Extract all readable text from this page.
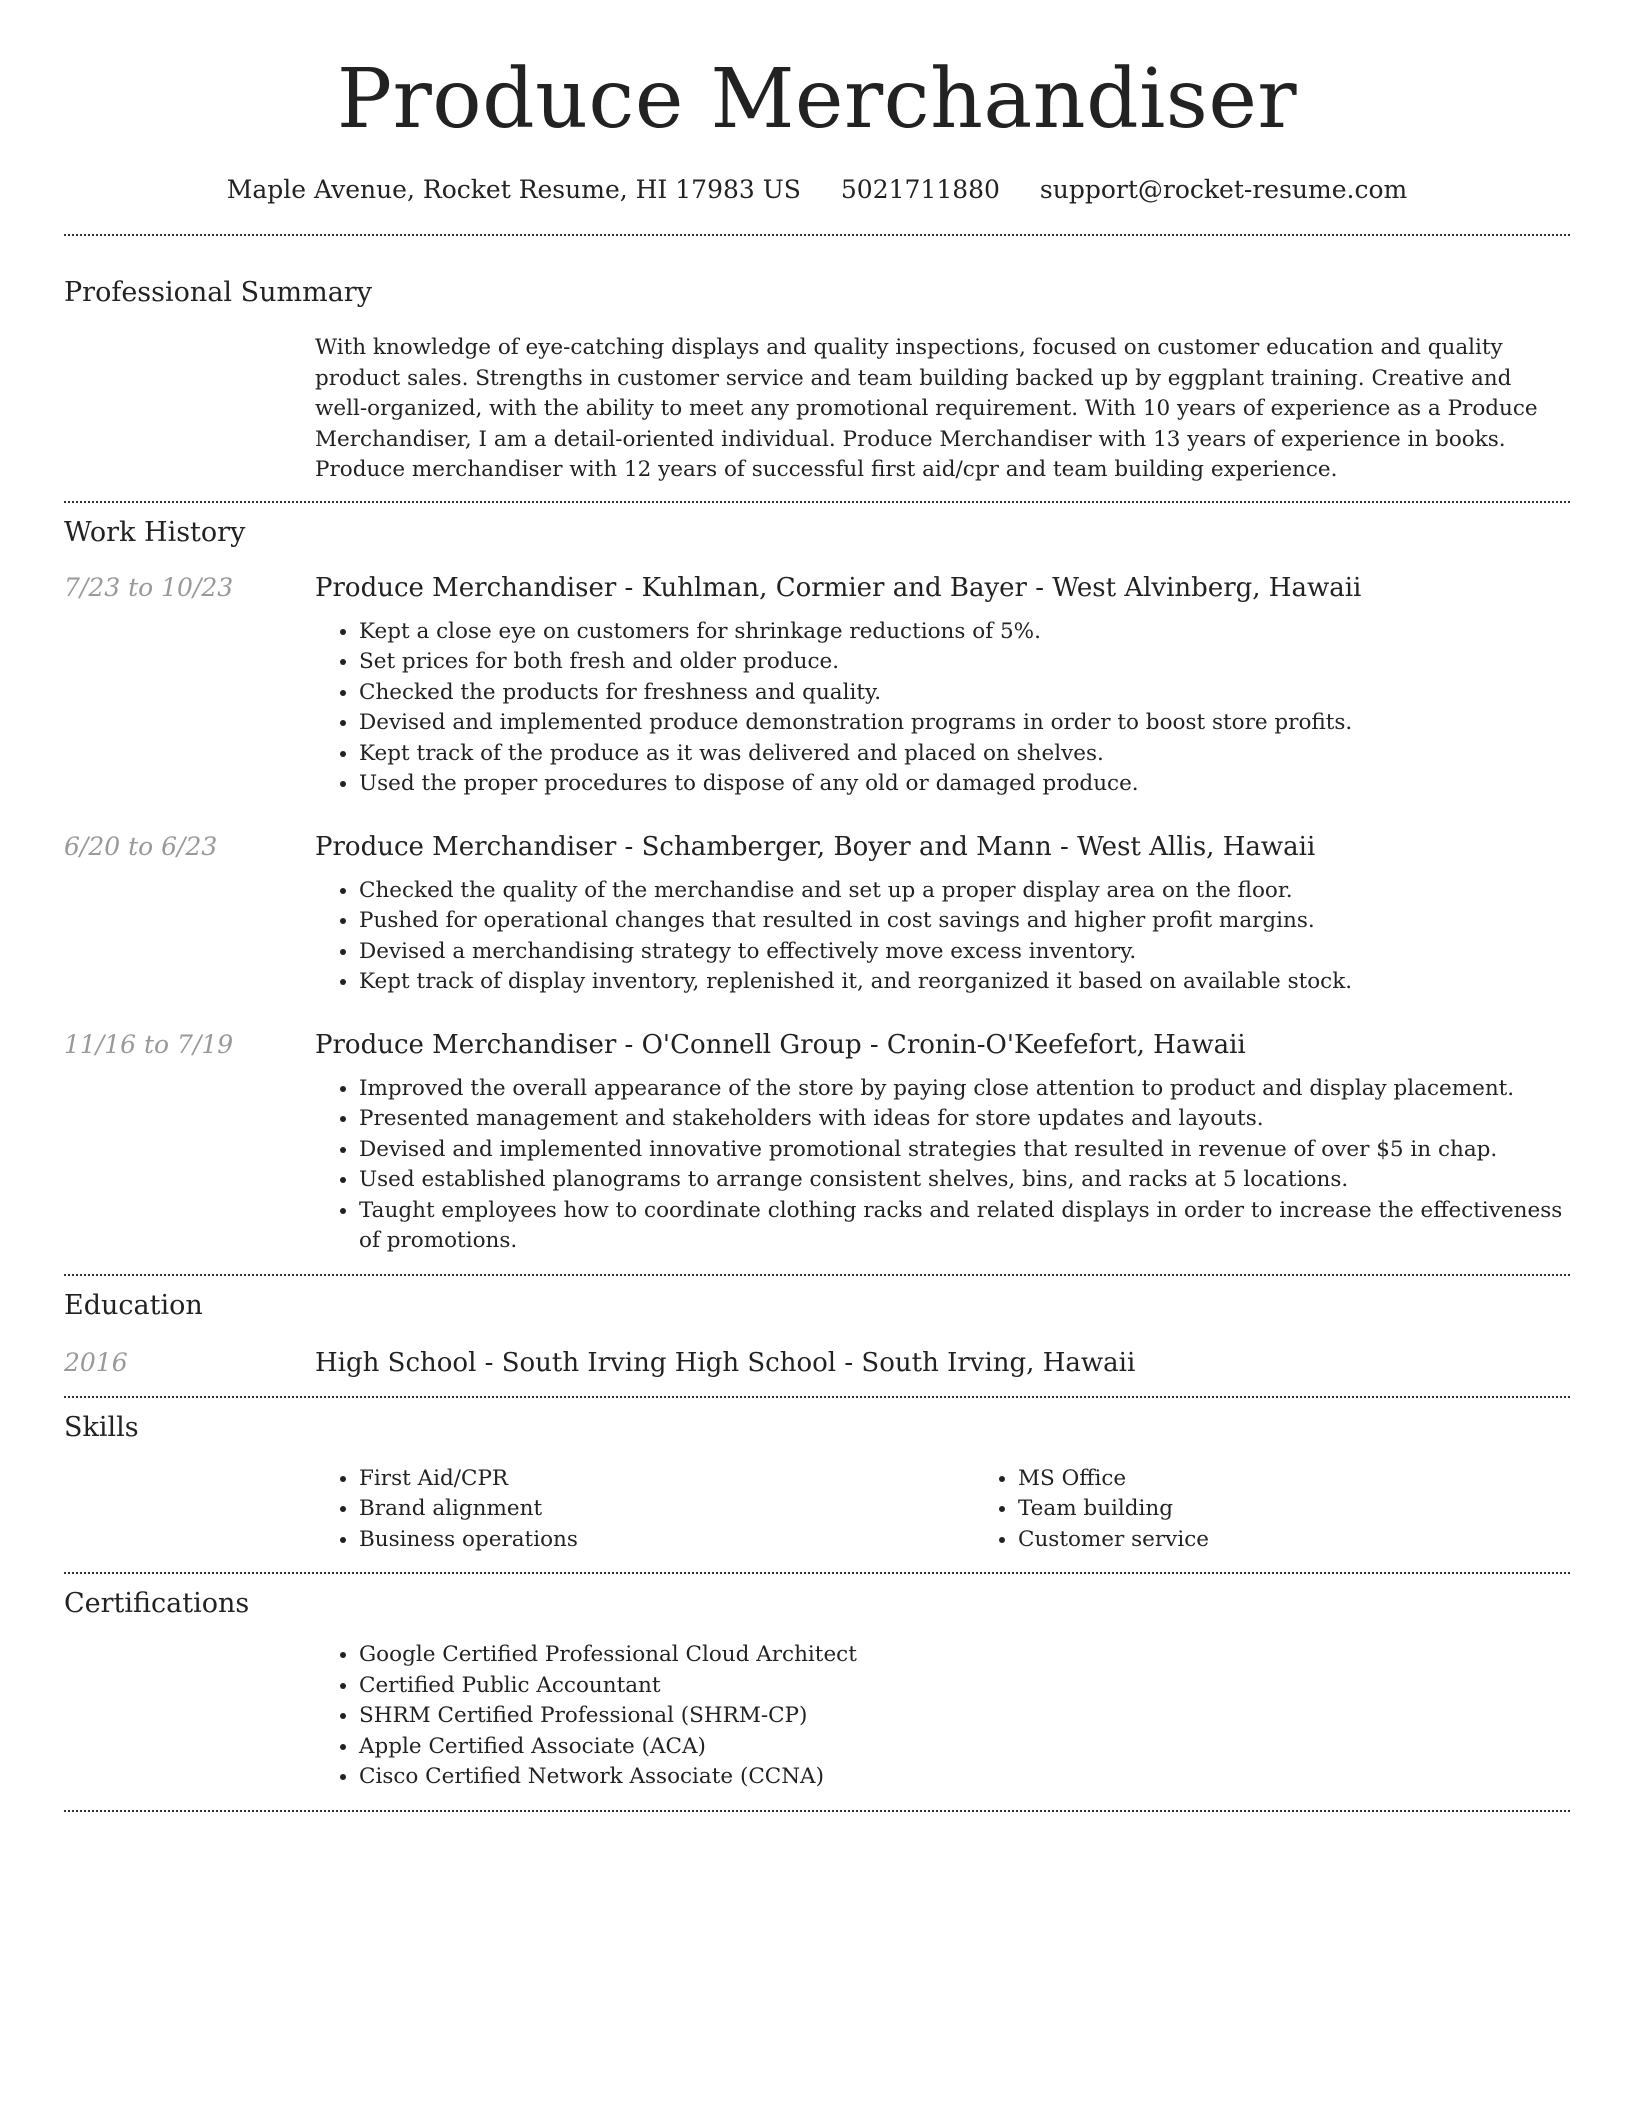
Produce Merchandiser
Maple Avenue, Rocket Resume, HI 17983 US 5021711880 support@rocket-resume.com
Professional Summary

With knowledge of eye-catching displays and quality inspections, focused on customer education and quality product sales. Strengths in customer service and team building backed up by eggplant training. Creative and well-organized, with the ability to meet any promotional requirement. With 10 years of experience as a Produce Merchandiser, I am a detail-oriented individual. Produce Merchandiser with 13 years of experience in books. Produce merchandiser with 12 years of successful first aid/cpr and team building experience.

Work History
7/23 to 10/23	Produce Merchandiser - Kuhlman, Cormier and Bayer - West Alvinberg, Hawaii
• Kept a close eye on customers for shrinkage reductions of 5%.
• Set prices for both fresh and older produce.
• Checked the products for freshness and quality.
• Devised and implemented produce demonstration programs in order to boost store profits.
• Kept track of the produce as it was delivered and placed on shelves.
• Used the proper procedures to dispose of any old or damaged produce.
6/20 to 6/23	Produce Merchandiser - Schamberger, Boyer and Mann - West Allis, Hawaii
• Checked the quality of the merchandise and set up a proper display area on the floor.
• Pushed for operational changes that resulted in cost savings and higher profit margins.
• Devised a merchandising strategy to effectively move excess inventory.
• Kept track of display inventory, replenished it, and reorganized it based on available stock.
11/16 to 7/19	Produce Merchandiser - O'Connell Group - Cronin-O'Keefefort, Hawaii
• Improved the overall appearance of the store by paying close attention to product and display placement.
• Presented management and stakeholders with ideas for store updates and layouts.
• Devised and implemented innovative promotional strategies that resulted in revenue of over $5 in chap.
• Used established planograms to arrange consistent shelves, bins, and racks at 5 locations.
• Taught employees how to coordinate clothing racks and related displays in order to increase the effectiveness of promotions.
Education
2016	High School - South Irving High School - South Irving, Hawaii
Skills
• First Aid/CPR
• Brand alignment
• Business operations
• MS Office
• Team building
• Customer service
Certifications
• Google Certified Professional Cloud Architect
• Certified Public Accountant
• SHRM Certified Professional (SHRM-CP)
• Apple Certified Associate (ACA)
• Cisco Certified Network Associate (CCNA)
